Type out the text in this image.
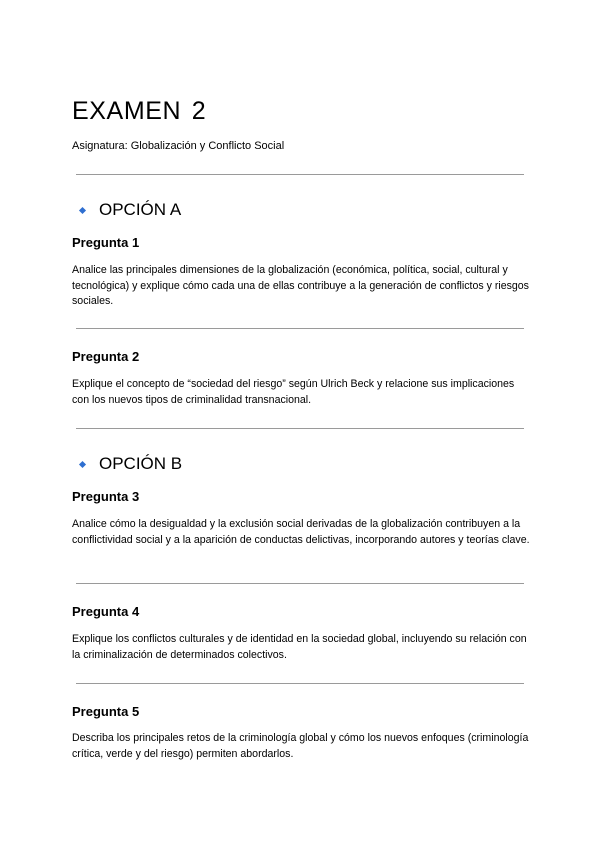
EXAMEN 2

Asignatura: Globalización y Conflicto Social

OPCIÓN A
Pregunta 1

Analice las principales dimensiones de la globalización (económica, política, social, cultural y tecnológica) y explique cómo cada una de ellas contribuye a la generación de conflictos y riesgos sociales.

Pregunta 2

Explique el concepto de “sociedad del riesgo” según Ulrich Beck y relacione sus implicaciones con los nuevos tipos de criminalidad transnacional.

OPCIÓN B
Pregunta 3

Analice cómo la desigualdad y la exclusión social derivadas de la globalización contribuyen a la conflictividad social y a la aparición de conductas delictivas, incorporando autores y teorías clave.

Pregunta 4

Explique los conflictos culturales y de identidad en la sociedad global, incluyendo su relación con la criminalización de determinados colectivos.

Pregunta 5

Describa los principales retos de la criminología global y cómo los nuevos enfoques (criminología crítica, verde y del riesgo) permiten abordarlos.
